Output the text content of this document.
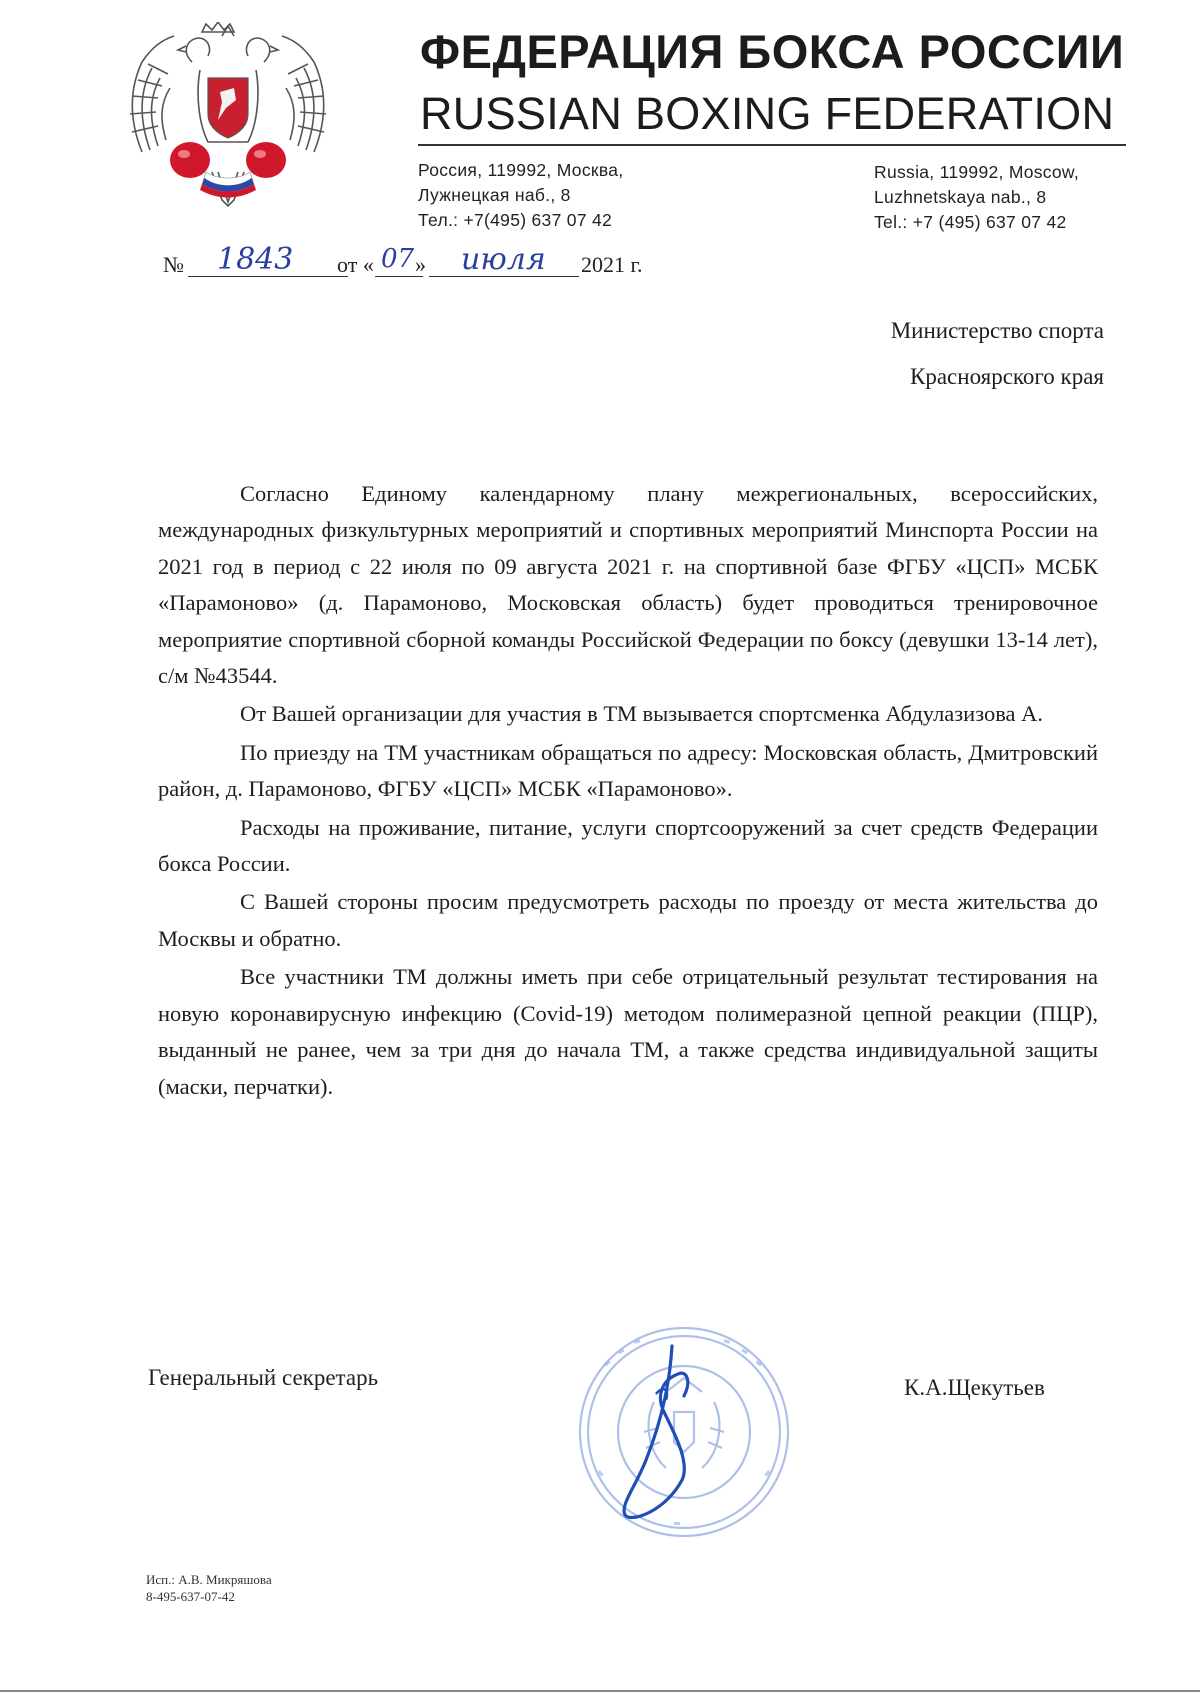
ФЕДЕРАЦИЯ БОКСА РОССИИ
RUSSIAN BOXING FEDERATION
Россия, 119992, Москва,
Лужнецкая наб., 8
Тел.: +7(495) 637 07 42
Russia, 119992, Moscow,
Luzhnetskaya nab., 8
Tel.: +7 (495) 637 07 42
№ 1843 от « 07 » июля 2021 г.
Министерство спорта
Красноярского края

Согласно Единому календарному плану межрегиональных, всероссийских, международных физкультурных мероприятий и спортивных мероприятий Минспорта России на 2021 год в период с 22 июля по 09 августа 2021 г. на спортивной базе ФГБУ «ЦСП» МСБК «Парамоново» (д. Парамоново, Московская область) будет проводиться тренировочное мероприятие спортивной сборной команды Российской Федерации по боксу (девушки 13-14 лет), с/м №43544.

От Вашей организации для участия в ТМ вызывается спортсменка Абдулазизова А.

По приезду на ТМ участникам обращаться по адресу: Московская область, Дмитровский район, д. Парамоново, ФГБУ «ЦСП» МСБК «Парамоново».

Расходы на проживание, питание, услуги спортсооружений за счет средств Федерации бокса России.

С Вашей стороны просим предусмотреть расходы по проезду от места жительства до Москвы и обратно.

Все участники ТМ должны иметь при себе отрицательный результат тестирования на новую коронавирусную инфекцию (Covid-19) методом полимеразной цепной реакции (ПЦР), выданный не ранее, чем за три дня до начала ТМ, а также средства индивидуальной защиты (маски, перчатки).

Генеральный секретарь	К.А.Щекутьев
Исп.: А.В. Микряшова
8-495-637-07-42
